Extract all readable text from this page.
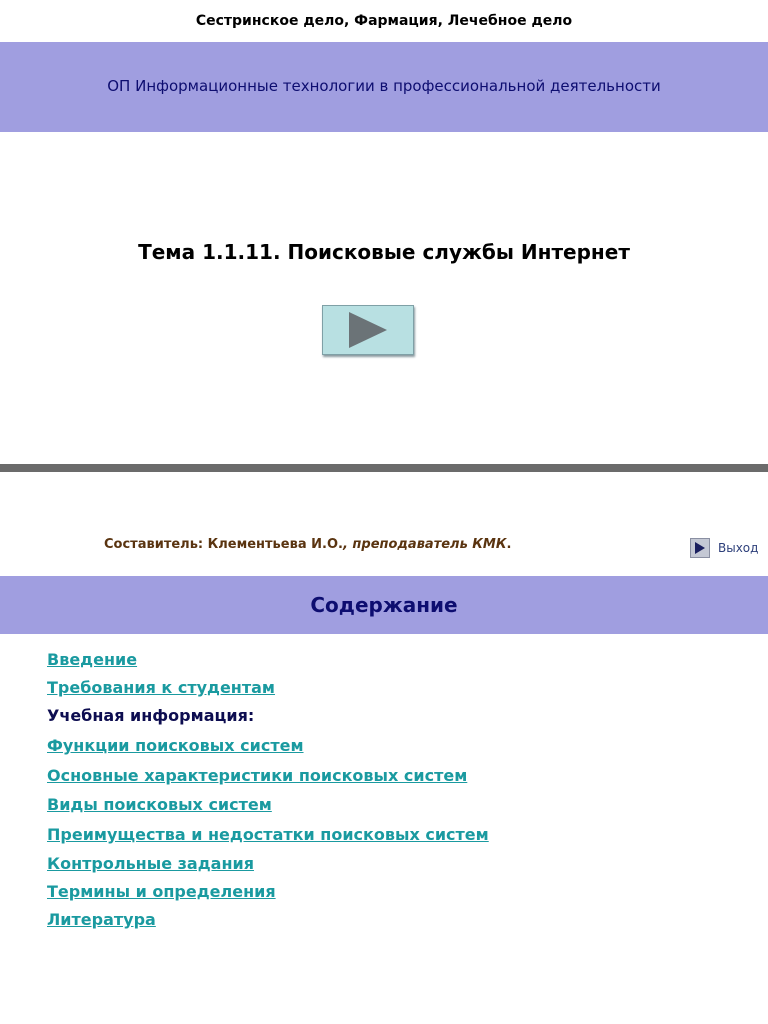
Сестринское дело, Фармация, Лечебное дело
ОП Информационные технологии в профессиональной деятельности
Тема 1.1.11. Поисковые службы Интернет
Составитель: Клементьева И.О., преподаватель КМК.	Выход
Содержание
Введение
Требования к студентам
Учебная информация:
Функции поисковых систем
Основные характеристики поисковых систем
Виды поисковых систем
Преимущества и недостатки поисковых систем
Контрольные задания
Термины и определения
Литература
